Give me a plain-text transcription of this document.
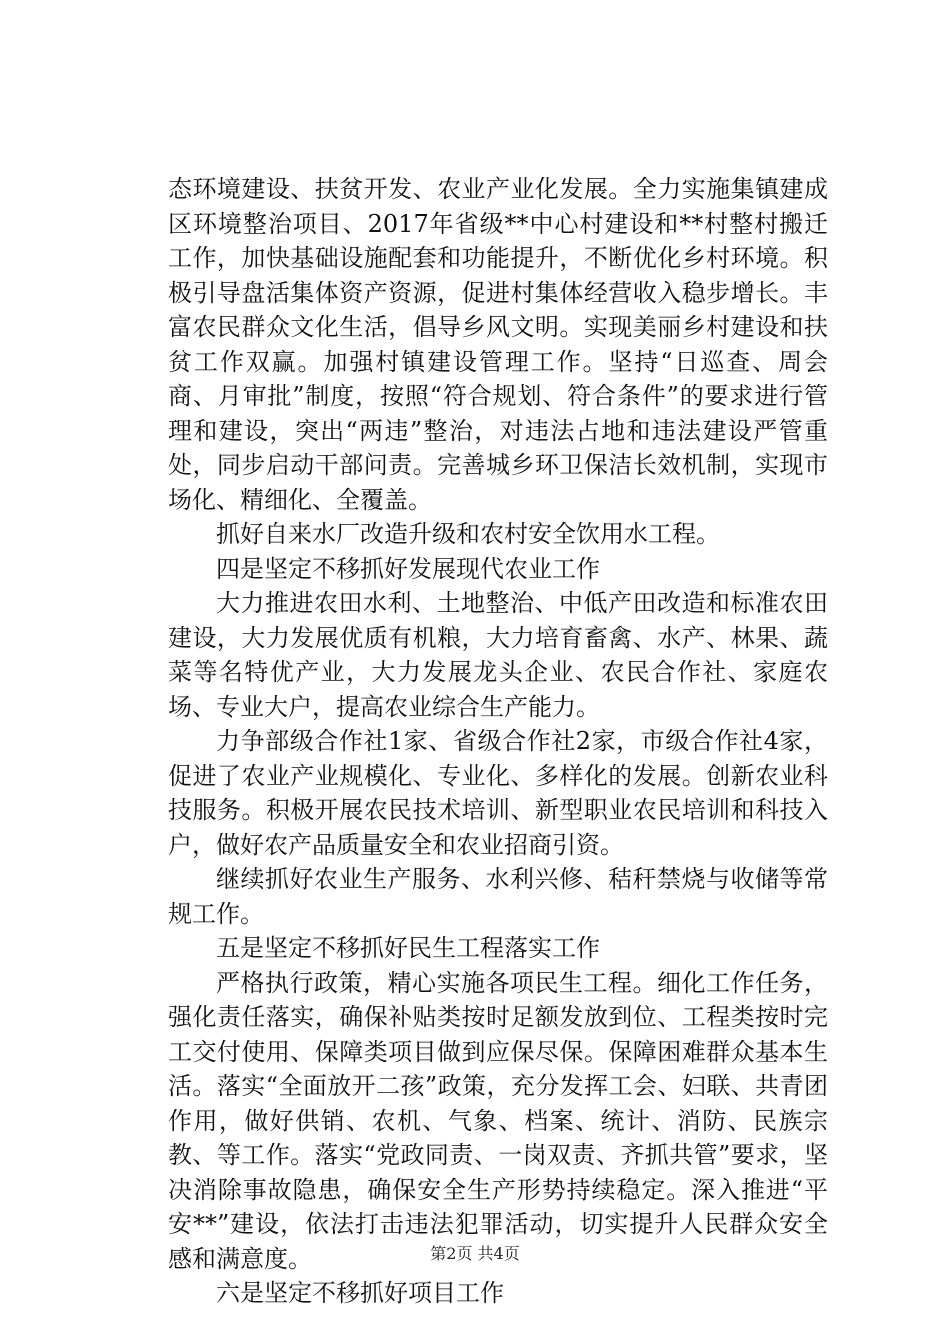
态环境建设、扶贫开发、农业产业化发展。全力实施集镇建成区环境整治项目、2017年省级**中心村建设和**村整村搬迁工作，加快基础设施配套和功能提升，不断优化乡村环境。积极引导盘活集体资产资源，促进村集体经营收入稳步增长。丰富农民群众文化生活，倡导乡风文明。实现美丽乡村建设和扶贫工作双赢。加强村镇建设管理工作。坚持“日巡查、周会商、月审批”制度，按照“符合规划、符合条件”的要求进行管理和建设，突出“两违”整治，对违法占地和违法建设严管重处，同步启动干部问责。完善城乡环卫保洁长效机制，实现市场化、精细化、全覆盖。

抓好自来水厂改造升级和农村安全饮用水工程。

四是坚定不移抓好发展现代农业工作

大力推进农田水利、土地整治、中低产田改造和标准农田建设，大力发展优质有机粮，大力培育畜禽、水产、林果、蔬菜等名特优产业，大力发展龙头企业、农民合作社、家庭农场、专业大户，提高农业综合生产能力。

力争部级合作社1家、省级合作社2家，市级合作社4家，促进了农业产业规模化、专业化、多样化的发展。创新农业科技服务。积极开展农民技术培训、新型职业农民培训和科技入户，做好农产品质量安全和农业招商引资。

继续抓好农业生产服务、水利兴修、秸秆禁烧与收储等常规工作。

五是坚定不移抓好民生工程落实工作

严格执行政策，精心实施各项民生工程。细化工作任务，强化责任落实，确保补贴类按时足额发放到位、工程类按时完工交付使用、保障类项目做到应保尽保。保障困难群众基本生活。落实“全面放开二孩”政策，充分发挥工会、妇联、共青团作用，做好供销、农机、气象、档案、统计、消防、民族宗教、等工作。落实“党政同责、一岗双责、齐抓共管”要求，坚决消除事故隐患，确保安全生产形势持续稳定。深入推进“平安**”建设，依法打击违法犯罪活动，切实提升人民群众安全感和满意度。

六是坚定不移抓好项目工作

第2页 共4页
